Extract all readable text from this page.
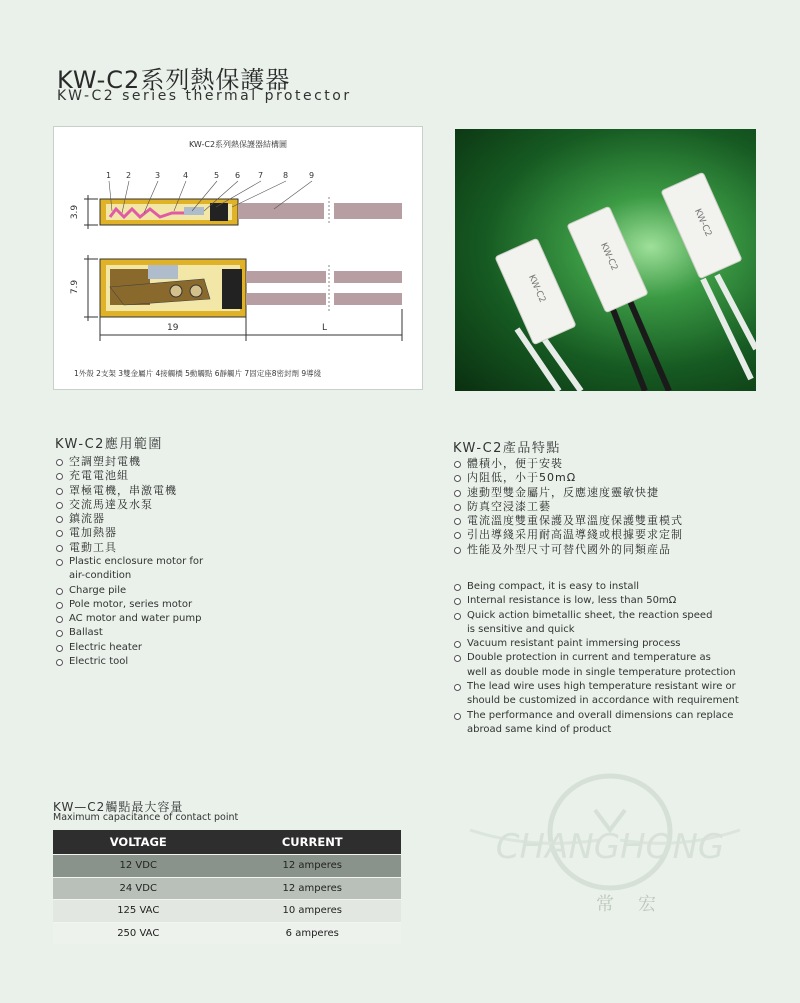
KW-C2系列熱保護器
KW-C2 series thermal protector
KW-C2系列熱保護器結構圖
1 2	3	4	5 6 7 8	9
3.9
7.9
19	L
1外殼 2支架 3雙金屬片 4接觸橋 5動觸點 6靜觸片 7固定座8密封劑 9導綫
KW-C2
KW-C2
KW-C2
KW-C2應用範圍
空調塑封電機
充電電池組
罩極電機，串激電機
交流馬達及水泵
鎮流器
電加熱器
電動工具
Plastic enclosure motor for
air-condition
Charge pile
Pole motor, series motor
AC motor and water pump
Ballast
Electric heater
Electric tool
KW-C2產品特點
體積小，便于安裝
内阻低，小于50mΩ
速動型雙金屬片，反應速度靈敏快捷
防真空浸漆工藝
電流溫度雙重保護及單溫度保護雙重模式
引出導綫采用耐高温導綫或根據要求定制
性能及外型尺寸可替代國外的同類産品
Being compact, it is easy to install
Internal resistance is low, less than 50mΩ
Quick action bimetallic sheet, the reaction speed
is sensitive and quick
Vacuum resistant paint immersing process
Double protection in current and temperature as
well as double mode in single temperature protection
The lead wire uses high temperature resistant wire or
should be customized in accordance with requirement
The performance and overall dimensions can replace
abroad same kind of product
CHANGHONG
常宏
KW—C2觸點最大容量
Maximum capacitance of contact point
VOLTAGE	CURRENT
12 VDC	12 amperes
24 VDC	12 amperes
125 VAC	10 amperes
250 VAC	6 amperes
